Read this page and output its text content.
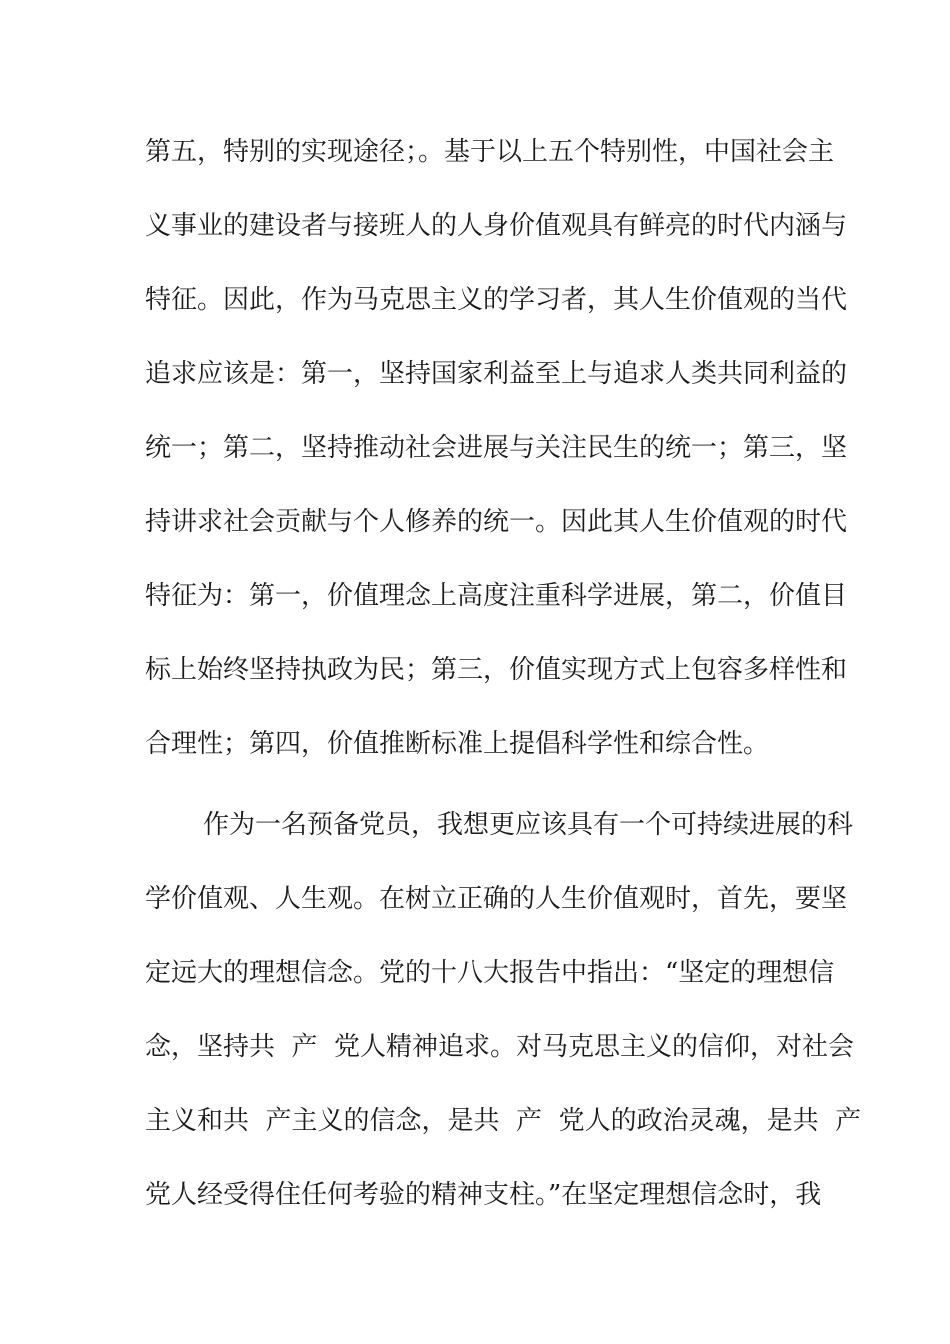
第五，特别的实现途径；。基于以上五个特别性，中国社会主
义事业的建设者与接班人的人身价值观具有鲜亮的时代内涵与
特征。因此，作为马克思主义的学习者，其人生价值观的当代
追求应该是：第一，坚持国家利益至上与追求人类共同利益的
统一；第二，坚持推动社会进展与关注民生的统一；第三，坚
持讲求社会贡献与个人修养的统一。因此其人生价值观的时代
特征为：第一，价值理念上高度注重科学进展，第二，价值目
标上始终坚持执政为民；第三，价值实现方式上包容多样性和
合理性；第四，价值推断标准上提倡科学性和综合性。
作为一名预备党员，我想更应该具有一个可持续进展的科
学价值观、人生观。在树立正确的人生价值观时，首先，要坚
定远大的理想信念。党的十八大报告中指出：“坚定的理想信
念，坚持共  产  党人精神追求。对马克思主义的信仰，对社会
主义和共  产主义的信念，是共  产  党人的政治灵魂，是共  产
党人经受得住任何考验的精神支柱。”在坚定理想信念时，我
